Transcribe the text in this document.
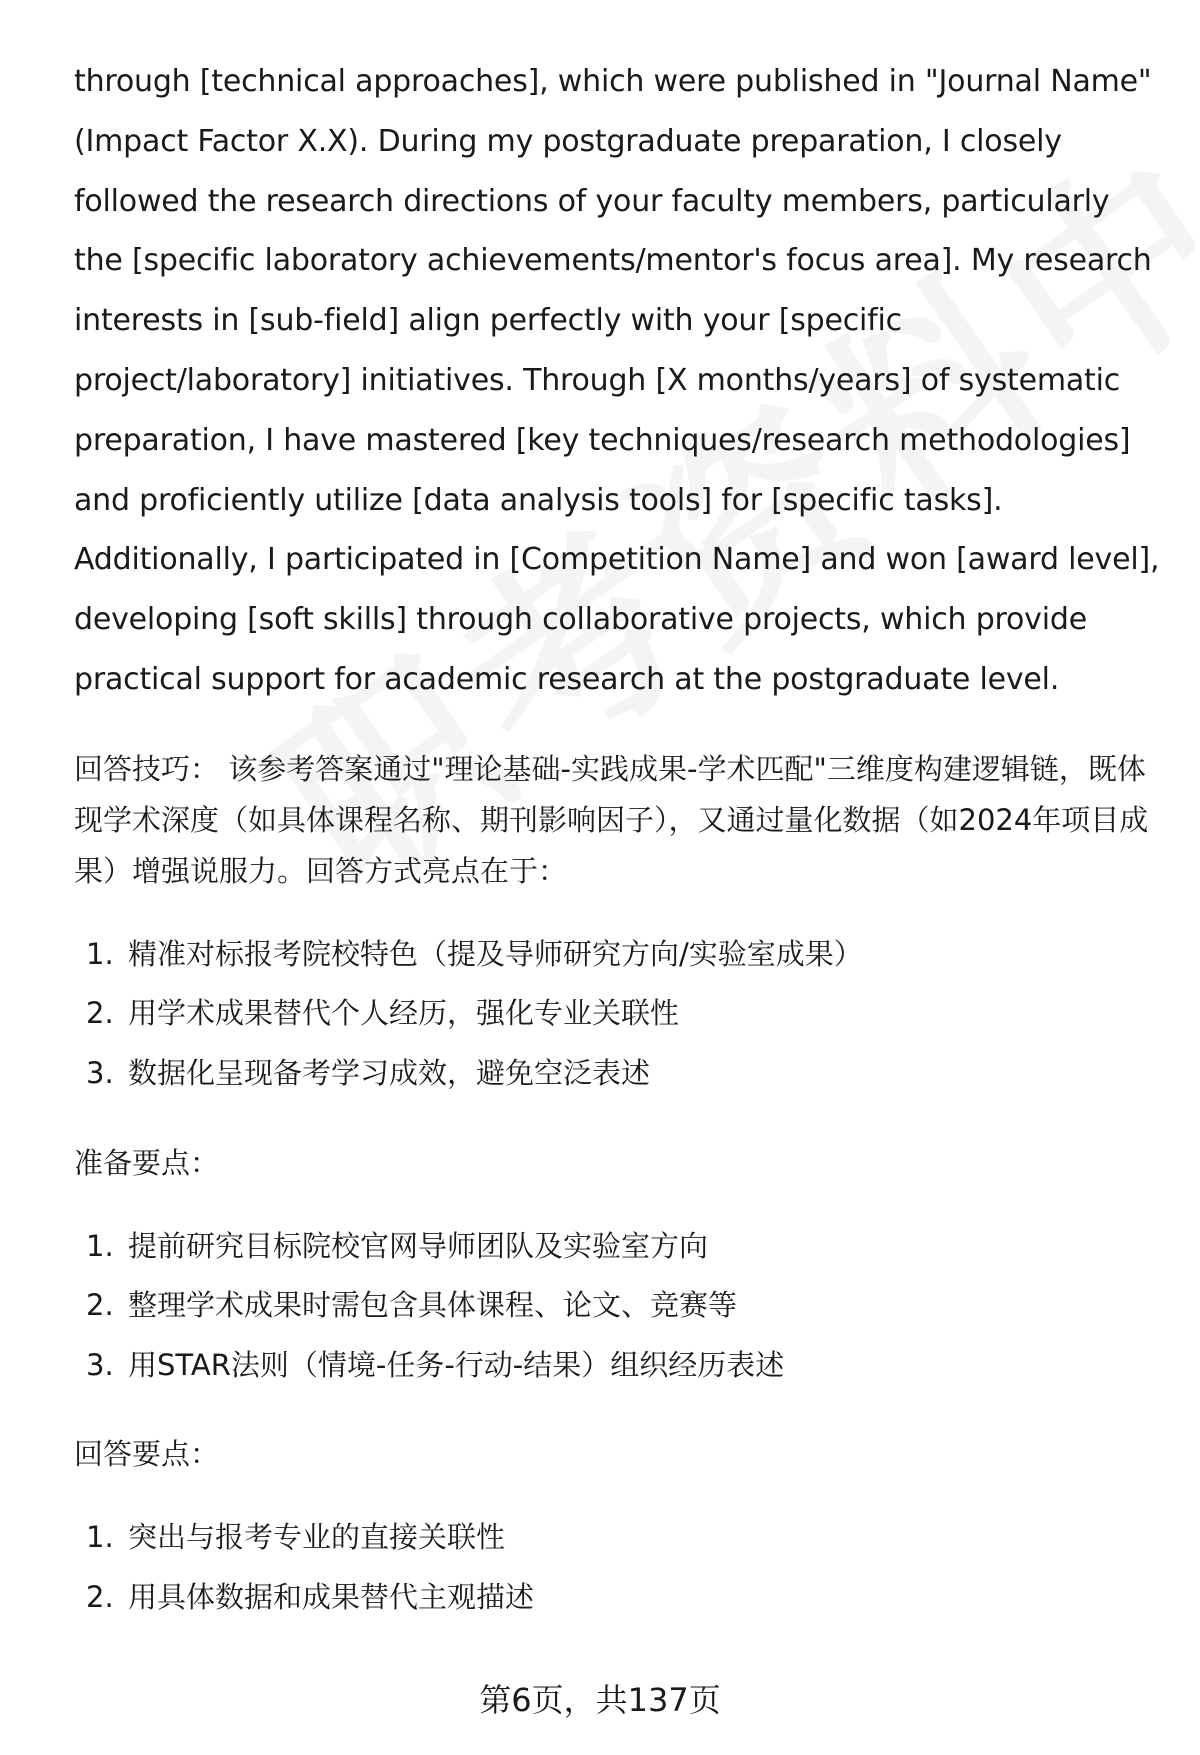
through [technical approaches], which were published in "Journal Name" (Impact Factor X.X). During my postgraduate preparation, I closely followed the research directions of your faculty members, particularly the [specific laboratory achievements/mentor's focus area]. My research interests in [sub-field] align perfectly with your [specific project/laboratory] initiatives. Through [X months/years] of systematic preparation, I have mastered [key techniques/research methodologies] and proficiently utilize [data analysis tools] for [specific tasks]. Additionally, I participated in [Competition Name] and won [award level], developing [soft skills] through collaborative projects, which provide practical support for academic research at the postgraduate level.

回答技巧： 该参考答案通过"理论基础-实践成果-学术匹配"三维度构建逻辑链，既体现学术深度（如具体课程名称、期刊影响因子），又通过量化数据（如2024年项目成果）增强说服力。回答方式亮点在于：

1. 精准对标报考院校特色（提及导师研究方向/实验室成果）
2. 用学术成果替代个人经历，强化专业关联性
3. 数据化呈现备考学习成效，避免空泛表述

准备要点：

1. 提前研究目标院校官网导师团队及实验室方向
2. 整理学术成果时需包含具体课程、论文、竞赛等
3. 用STAR法则（情境-任务-行动-结果）组织经历表述

回答要点：

1. 突出与报考专业的直接关联性
2. 用具体数据和成果替代主观描述
第6页，共137页
